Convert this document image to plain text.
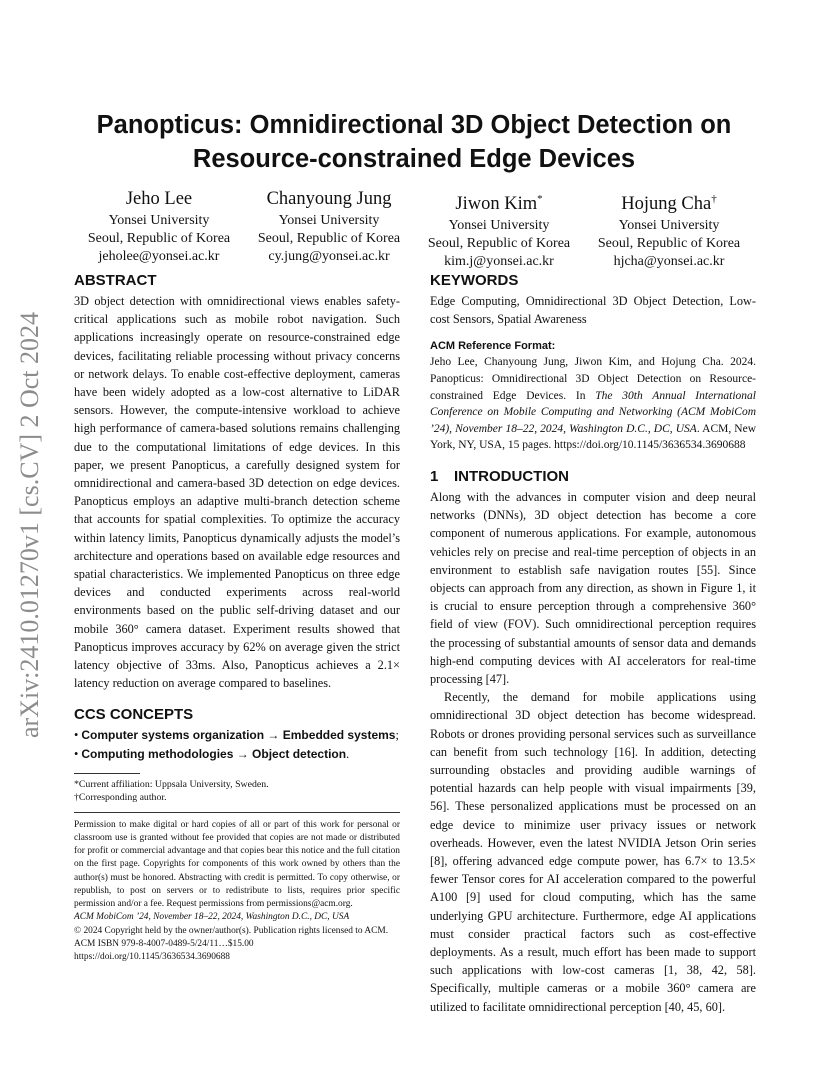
arXiv:2410.01270v1 [cs.CV] 2 Oct 2024
Panopticus: Omnidirectional 3D Object Detection on
Resource-constrained Edge Devices
Jeho Lee
Yonsei University
Seoul, Republic of Korea
jeholee@yonsei.ac.kr
Chanyoung Jung
Yonsei University
Seoul, Republic of Korea
cy.jung@yonsei.ac.kr
Jiwon Kim*
Yonsei University
Seoul, Republic of Korea
kim.j@yonsei.ac.kr
Hojung Cha†
Yonsei University
Seoul, Republic of Korea
hjcha@yonsei.ac.kr
ABSTRACT

3D object detection with omnidirectional views enables safety-critical applications such as mobile robot navigation. Such applications increasingly operate on resource-constrained edge devices, facilitating reliable processing without privacy concerns or network delays. To enable cost-effective deployment, cameras have been widely adopted as a low-cost alternative to LiDAR sensors. However, the compute-intensive workload to achieve high performance of camera-based solutions remains challenging due to the computational limitations of edge devices. In this paper, we present Panopticus, a carefully designed system for omnidirectional and camera-based 3D detection on edge devices. Panopticus employs an adaptive multi-branch detection scheme that accounts for spatial complexities. To optimize the accuracy within latency limits, Panopticus dynamically adjusts the model’s architecture and operations based on available edge resources and spatial characteristics. We implemented Panopticus on three edge devices and conducted experiments across real-world environments based on the public self-driving dataset and our mobile 360° camera dataset. Experiment results showed that Panopticus improves accuracy by 62% on average given the strict latency objective of 33ms. Also, Panopticus achieves a 2.1× latency reduction on average compared to baselines.

CCS CONCEPTS

• Computer systems organization → Embedded systems; • Computing methodologies → Object detection.

*Current affiliation: Uppsala University, Sweden.

†Corresponding author.

Permission to make digital or hard copies of all or part of this work for personal or classroom use is granted without fee provided that copies are not made or distributed for profit or commercial advantage and that copies bear this notice and the full citation on the first page. Copyrights for components of this work owned by others than the author(s) must be honored. Abstracting with credit is permitted. To copy otherwise, or republish, to post on servers or to redistribute to lists, requires prior specific permission and/or a fee. Request permissions from permissions@acm.org.

ACM MobiCom ’24, November 18–22, 2024, Washington D.C., DC, USA

© 2024 Copyright held by the owner/author(s). Publication rights licensed to ACM.

ACM ISBN 979-8-4007-0489-5/24/11…$15.00

https://doi.org/10.1145/3636534.3690688

KEYWORDS

Edge Computing, Omnidirectional 3D Object Detection, Low-cost Sensors, Spatial Awareness

ACM Reference Format:

Jeho Lee, Chanyoung Jung, Jiwon Kim, and Hojung Cha. 2024. Panopticus: Omnidirectional 3D Object Detection on Resource-constrained Edge Devices. In The 30th Annual International Conference on Mobile Computing and Networking (ACM MobiCom ’24), November 18–22, 2024, Washington D.C., DC, USA. ACM, New York, NY, USA, 15 pages. https://doi.org/10.1145/3636534.3690688

1 INTRODUCTION

Along with the advances in computer vision and deep neural networks (DNNs), 3D object detection has become a core component of numerous applications. For example, autonomous vehicles rely on precise and real-time perception of objects in an environment to establish safe navigation routes [55]. Since objects can approach from any direction, as shown in Figure 1, it is crucial to ensure perception through a comprehensive 360° field of view (FOV). Such omnidirectional perception requires the processing of substantial amounts of sensor data and demands high-end computing devices with AI accelerators for real-time processing [47].

Recently, the demand for mobile applications using omnidirectional 3D object detection has become widespread. Robots or drones providing personal services such as surveillance can benefit from such technology [16]. In addition, detecting surrounding obstacles and providing audible warnings of potential hazards can help people with visual impairments [39, 56]. These personalized applications must be processed on an edge device to minimize user privacy issues or network overheads. However, even the latest NVIDIA Jetson Orin series [8], offering advanced edge compute power, has 6.7× to 13.5× fewer Tensor cores for AI acceleration compared to the powerful A100 [9] used for cloud computing, which has the same underlying GPU architecture. Furthermore, edge AI applications must consider practical factors such as cost-effective deployments. As a result, much effort has been made to support such applications with low-cost cameras [1, 38, 42, 58]. Specifically, multiple cameras or a mobile 360° camera are utilized to facilitate omnidirectional perception [40, 45, 60].
